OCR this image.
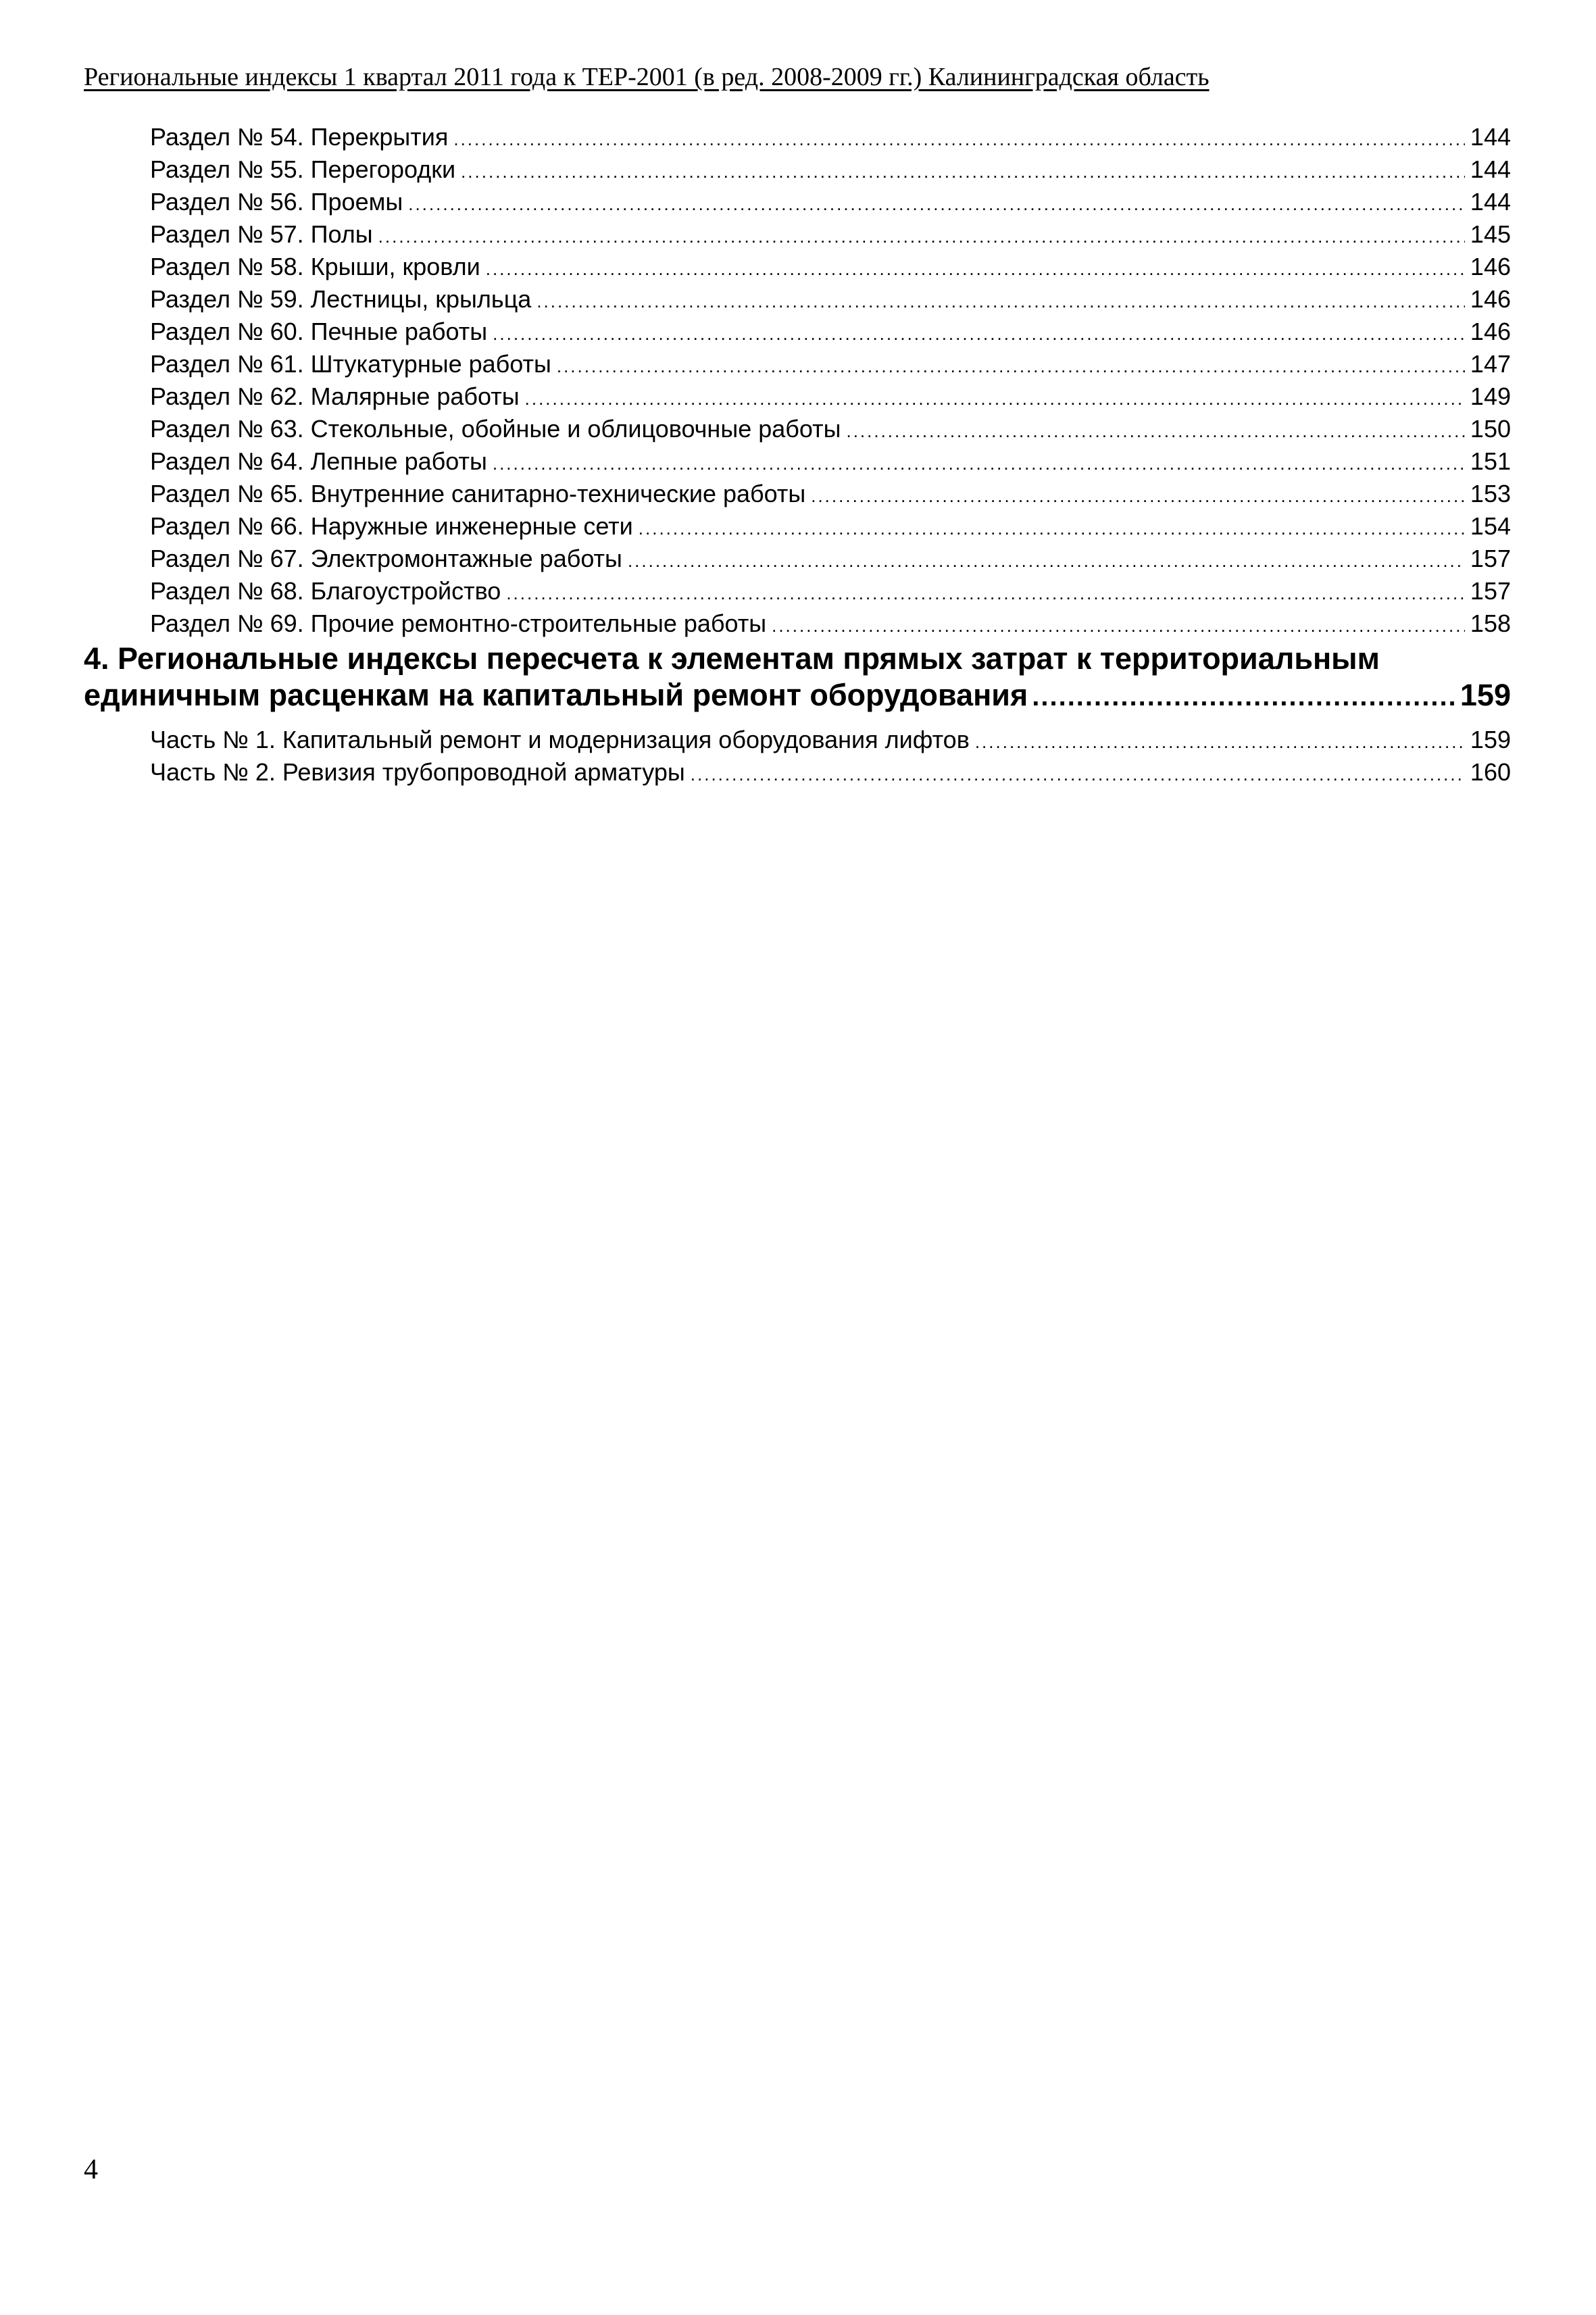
Региональные индексы 1 квартал 2011 года к ТЕР-2001 (в ред. 2008-2009 гг.) Калининградская область
Раздел № 54. Перекрытия .....	144
Раздел № 55. Перегородки .....	144
Раздел № 56. Проемы .....	144
Раздел № 57. Полы .....	145
Раздел № 58. Крыши, кровли .....	146
Раздел № 59. Лестницы, крыльца .....	146
Раздел № 60. Печные работы .....	146
Раздел № 61. Штукатурные работы .....	147
Раздел № 62. Малярные работы .....	149
Раздел № 63. Стекольные, обойные и облицовочные работы .....	150
Раздел № 64. Лепные работы .....	151
Раздел № 65. Внутренние санитарно-технические работы .....	153
Раздел № 66. Наружные инженерные сети .....	154
Раздел № 67. Электромонтажные работы .....	157
Раздел № 68. Благоустройство .....	157
Раздел № 69. Прочие ремонтно-строительные работы .....	158
4. Региональные индексы пересчета к элементам прямых затрат к территориальным
единичным расценкам на капитальный ремонт оборудования .....	159
Часть № 1. Капитальный ремонт и модернизация оборудования лифтов .....	159
Часть № 2. Ревизия трубопроводной арматуры .....	160
4
